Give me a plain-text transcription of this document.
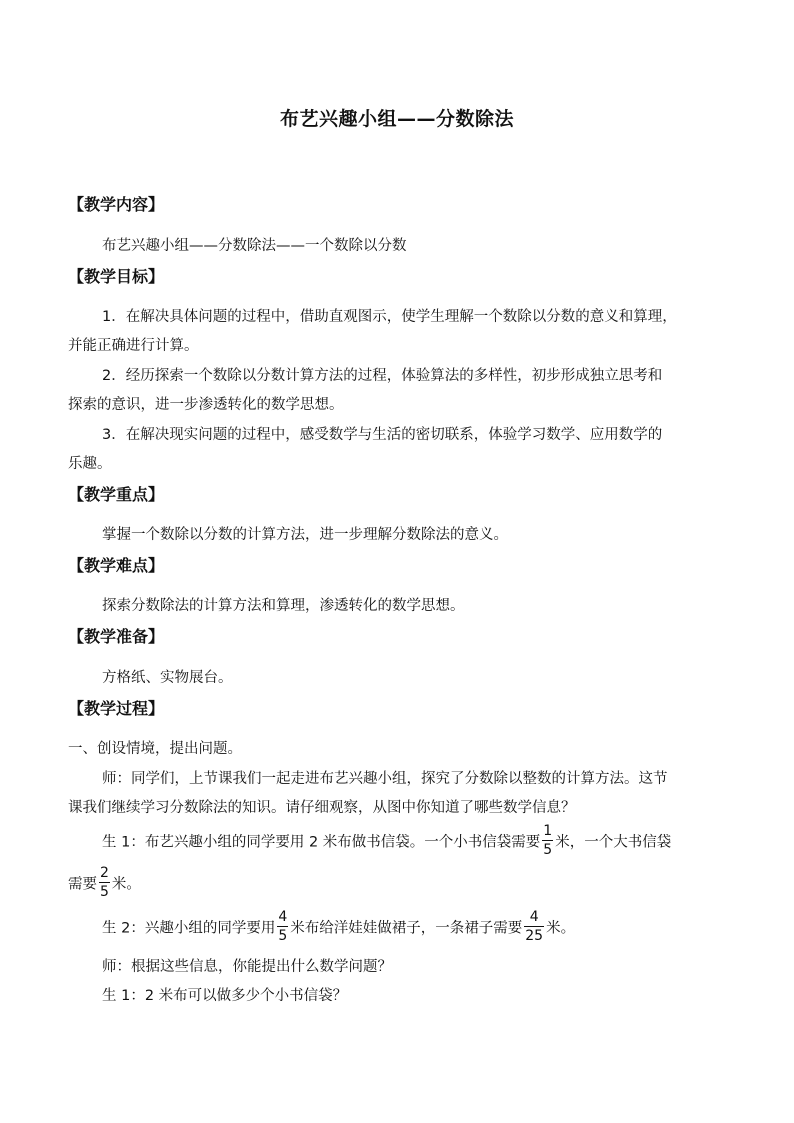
布艺兴趣小组——分数除法
【教学内容】
布艺兴趣小组——分数除法——一个数除以分数
【教学目标】
1．在解决具体问题的过程中，借助直观图示，使学生理解一个数除以分数的意义和算理，
并能正确进行计算。
2．经历探索一个数除以分数计算方法的过程，体验算法的多样性，初步形成独立思考和
探索的意识，进一步渗透转化的数学思想。
3．在解决现实问题的过程中，感受数学与生活的密切联系，体验学习数学、应用数学的
乐趣。
【教学重点】
掌握一个数除以分数的计算方法，进一步理解分数除法的意义。
【教学难点】
探索分数除法的计算方法和算理，渗透转化的数学思想。
【教学准备】
方格纸、实物展台。
【教学过程】
一、创设情境，提出问题。
师：同学们，上节课我们一起走进布艺兴趣小组，探究了分数除以整数的计算方法。这节
课我们继续学习分数除法的知识。请仔细观察，从图中你知道了哪些数学信息？
生 1：布艺兴趣小组的同学要用 2 米布做书信袋。一个小书信袋需要 $\frac{1}{5}$ 米，一个大书信袋
需要 $\frac{2}{5}$ 米。
生 2：兴趣小组的同学要用 $\frac{4}{5}$ 米布给洋娃娃做裙子，一条裙子需要 $\frac{4}{25}$ 米。
师：根据这些信息，你能提出什么数学问题？
生 1：2 米布可以做多少个小书信袋？
